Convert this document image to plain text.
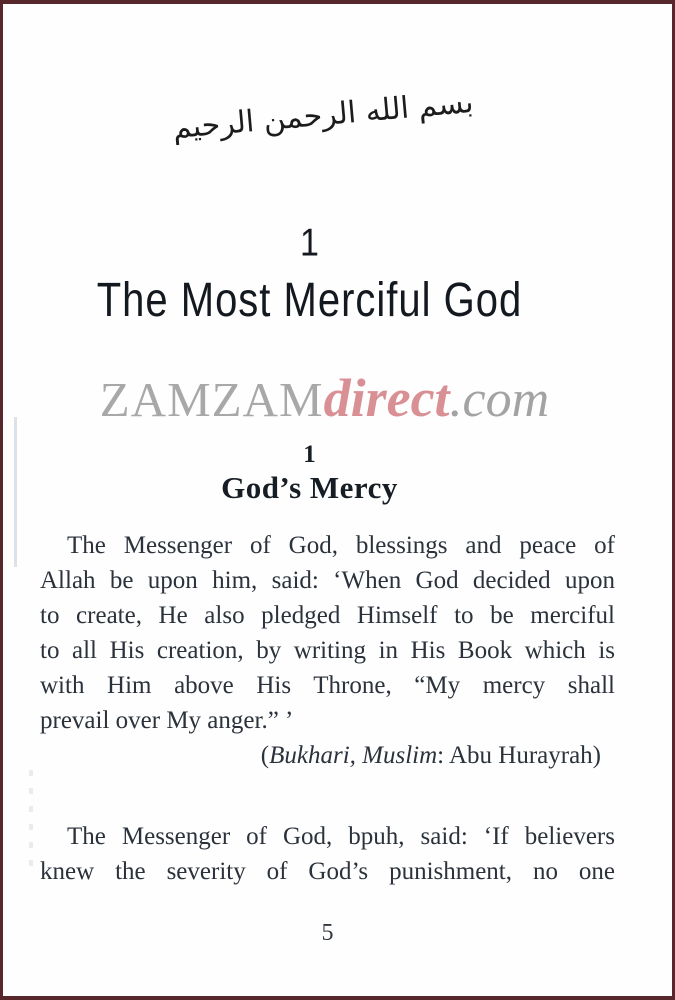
بسم الله الرحمن الرحيم
1
The Most Merciful God
ZAMZAMdirect.com
1
God’s Mercy
The Messenger of God, blessings and peace of
Allah be upon him, said: ‘When God decided upon
to create, He also pledged Himself to be merciful
to all His creation, by writing in His Book which is
with Him above His Throne, “My mercy shall
prevail over My anger.” ’
(Bukhari, Muslim: Abu Hurayrah)
The Messenger of God, bpuh, said: ‘If believers
knew the severity of God’s punishment, no one
5
